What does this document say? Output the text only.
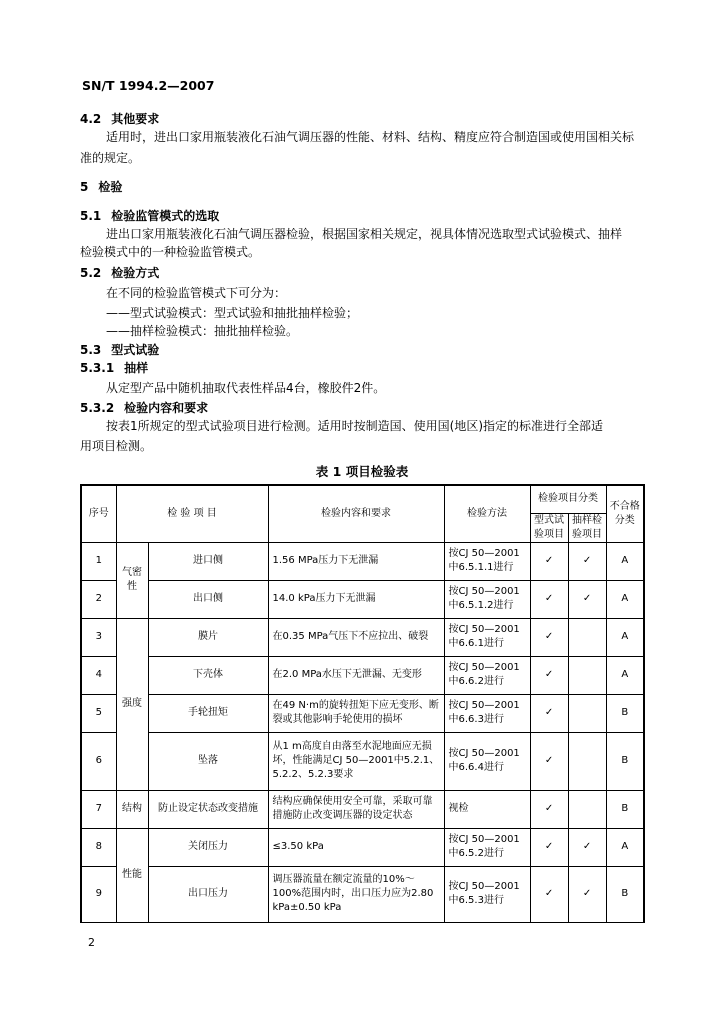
SN/T 1994.2—2007
4.2 其他要求
适用时，进出口家用瓶装液化石油气调压器的性能、材料、结构、精度应符合制造国或使用国相关标
准的规定。
5 检验
5.1 检验监管模式的选取
进出口家用瓶装液化石油气调压器检验，根据国家相关规定，视具体情况选取型式试验模式、抽样
检验模式中的一种检验监管模式。
5.2 检验方式
在不同的检验监管模式下可分为：
——型式试验模式：型式试验和抽批抽样检验；
——抽样检验模式：抽批抽样检验。
5.3 型式试验
5.3.1 抽样
从定型产品中随机抽取代表性样品4台，橡胶件2件。
5.3.2 检验内容和要求
按表1所规定的型式试验项目进行检测。适用时按制造国、使用国(地区)指定的标准进行全部适
用项目检测。
表 1 项目检验表
序号	检 验 项 目		检验内容和要求	检验方法	检验项目分类		不合格分类
					型式试验项目	抽样检验项目	
1	气密性	进口侧	1.56 MPa压力下无泄漏	按CJ 50—2001中6.5.1.1进行	✓	✓	A
2		出口侧	14.0 kPa压力下无泄漏	按CJ 50—2001中6.5.1.2进行	✓	✓	A
3	强度	膜片	在0.35 MPa气压下不应拉出、破裂	按CJ 50—2001中6.6.1进行	✓		A
4		下壳体	在2.0 MPa水压下无泄漏、无变形	按CJ 50—2001中6.6.2进行	✓		A
5		手轮扭矩	在49 N·m的旋转扭矩下应无变形、断裂或其他影响手轮使用的损坏	按CJ 50—2001中6.6.3进行	✓		B
6		坠落	从1 m高度自由落至水泥地面应无损坏，性能满足CJ 50—2001中5.2.1、5.2.2、5.2.3要求	按CJ 50—2001中6.6.4进行	✓		B
7	结构	防止设定状态改变措施	结构应确保使用安全可靠，采取可靠措施防止改变调压器的设定状态	视检	✓		B
8	性能	关闭压力	≤3.50 kPa	按CJ 50—2001中6.5.2进行	✓	✓	A
9		出口压力	调压器流量在额定流量的10%～100%范围内时，出口压力应为2.80 kPa±0.50 kPa	按CJ 50—2001中6.5.3进行	✓	✓	B
2
